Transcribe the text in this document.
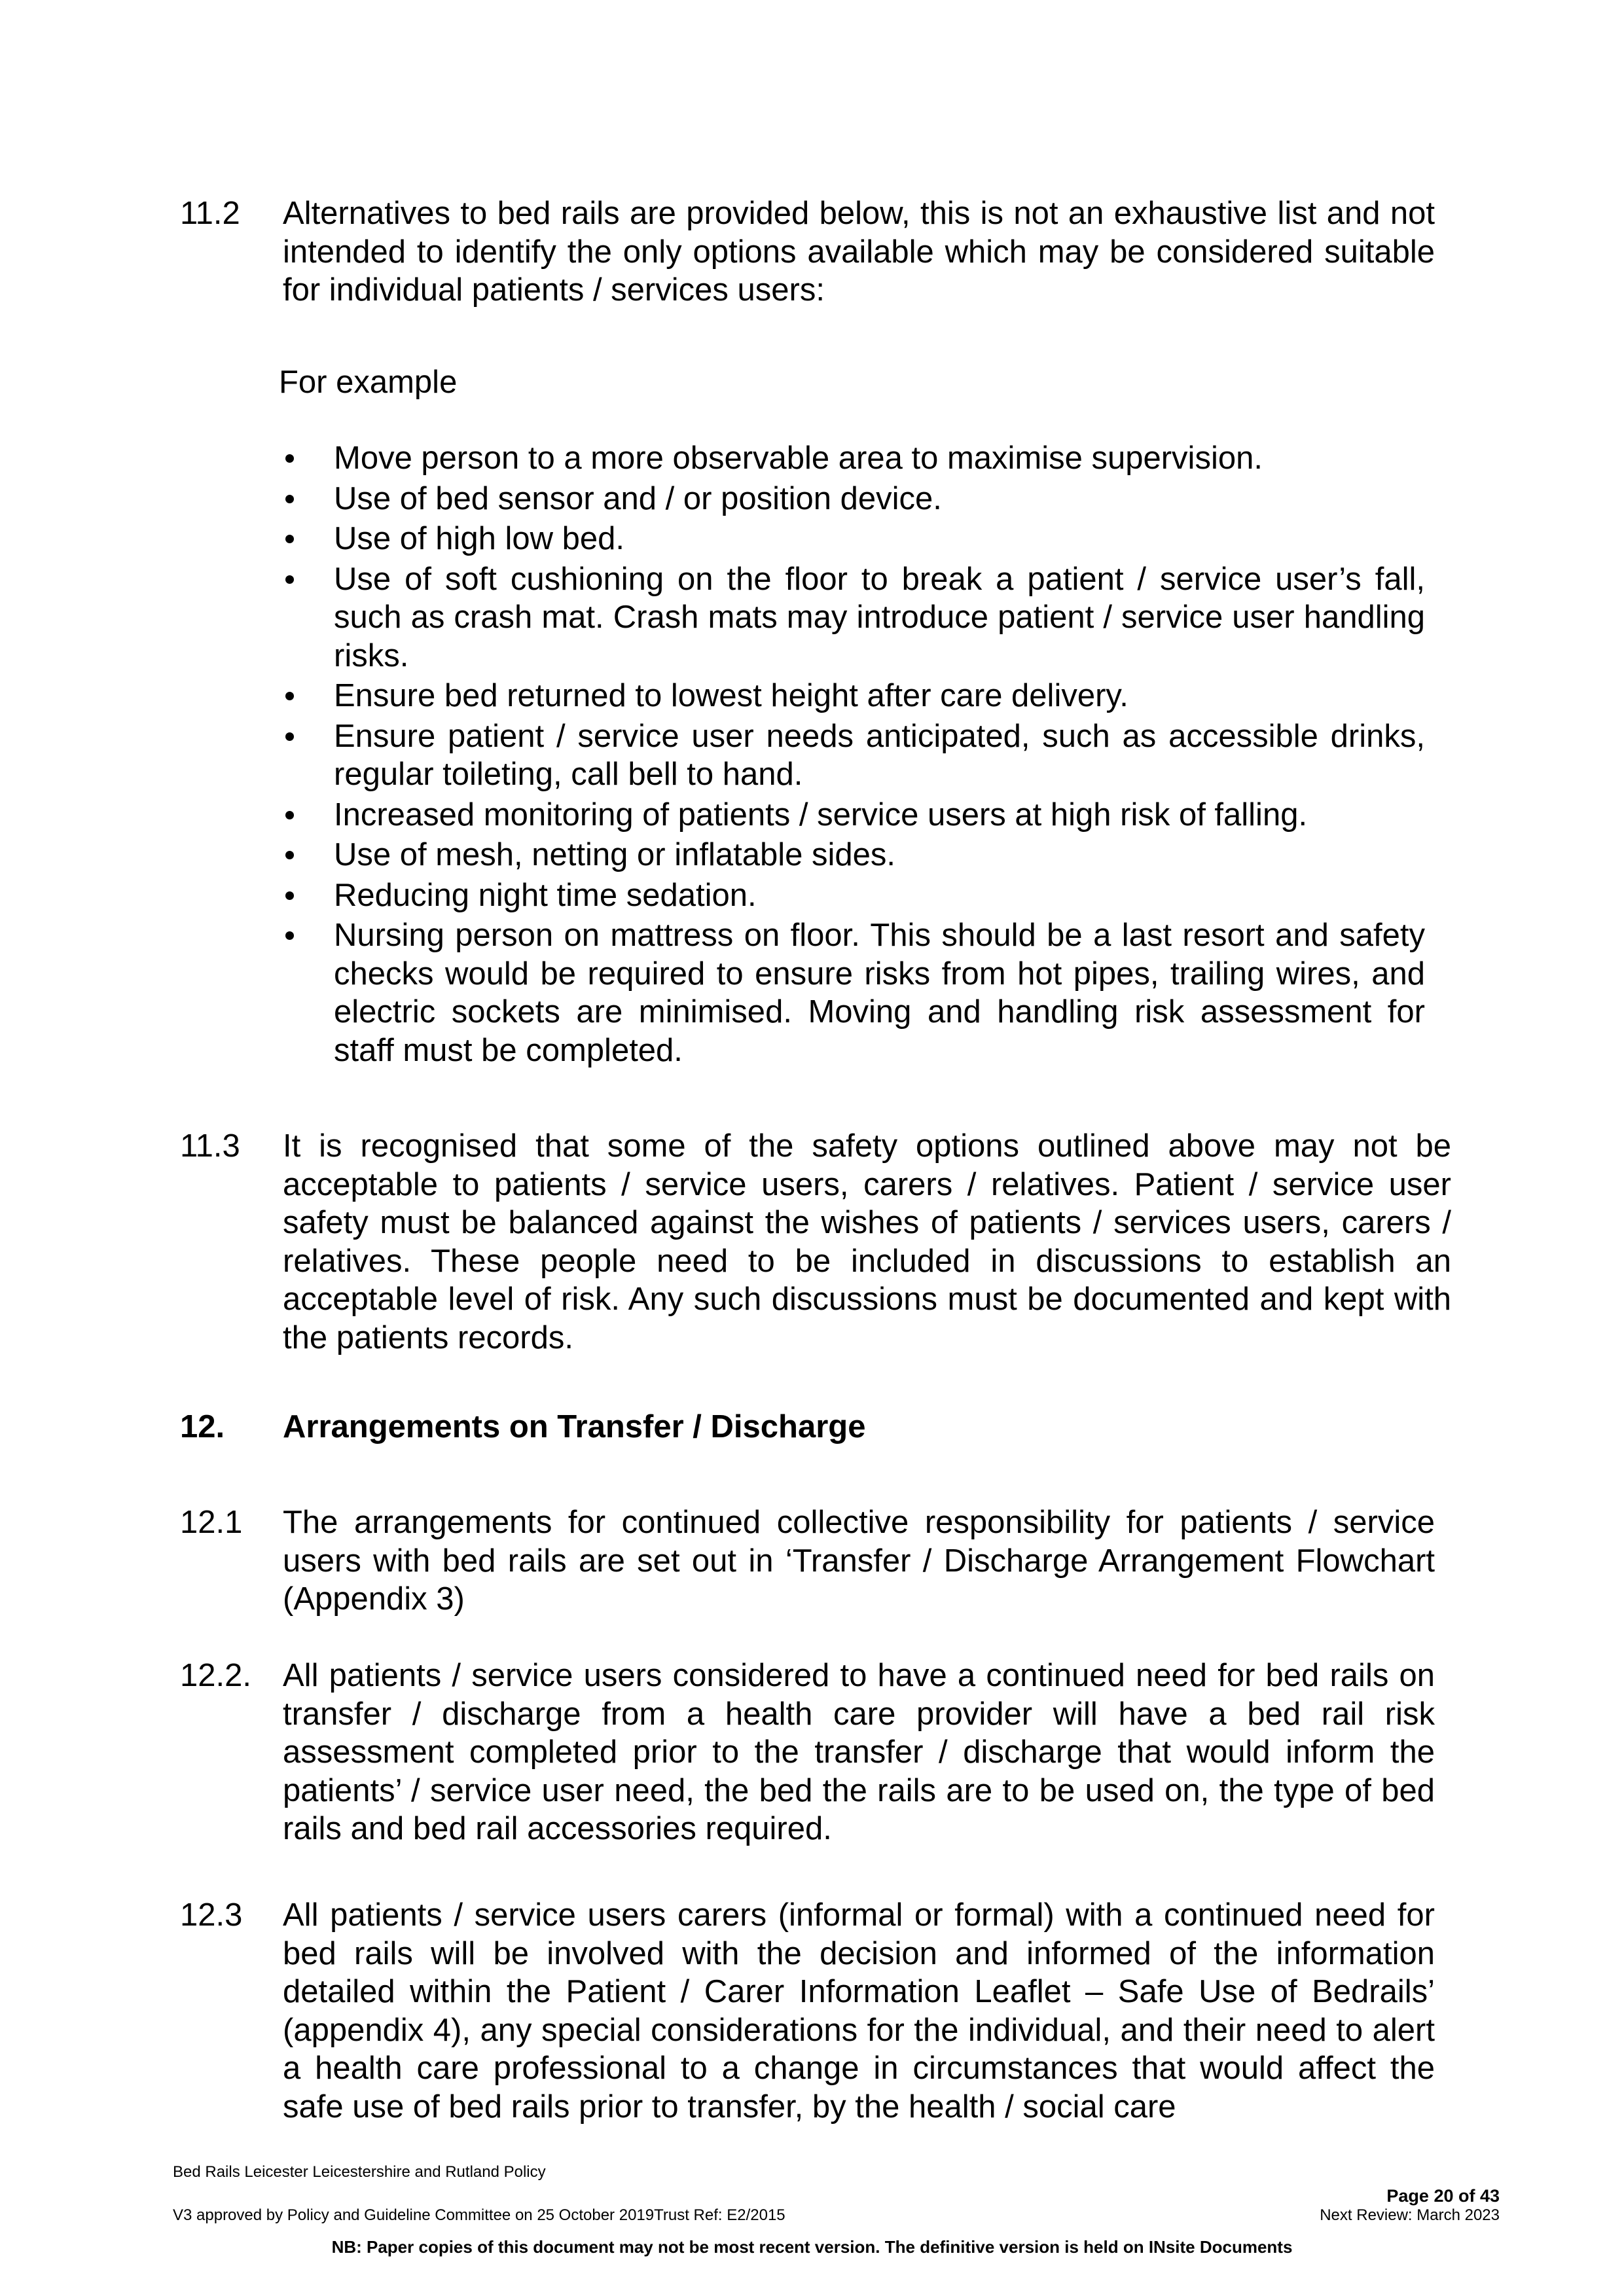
11.2 Alternatives to bed rails are provided below, this is not an exhaustive list and not intended to identify the only options available which may be considered suitable for individual patients / services users:
For example
Move person to a more observable area to maximise supervision.
Use of bed sensor and / or position device.
Use of high low bed.
Use of soft cushioning on the floor to break a patient / service user’s fall, such as crash mat. Crash mats may introduce patient / service user handling risks.
Ensure bed returned to lowest height after care delivery.
Ensure patient / service user needs anticipated, such as accessible drinks, regular toileting, call bell to hand.
Increased monitoring of patients / service users at high risk of falling.
Use of mesh, netting or inflatable sides.
Reducing night time sedation.
Nursing person on mattress on floor. This should be a last resort and safety checks would be required to ensure risks from hot pipes, trailing wires, and electric sockets are minimised. Moving and handling risk assessment for staff must be completed.
11.3 It is recognised that some of the safety options outlined above may not be acceptable to patients / service users, carers / relatives. Patient / service user safety must be balanced against the wishes of patients / services users, carers / relatives. These people need to be included in discussions to establish an acceptable level of risk. Any such discussions must be documented and kept with the patients records.
12. Arrangements on Transfer / Discharge
12.1 The arrangements for continued collective responsibility for patients / service users with bed rails are set out in ‘Transfer / Discharge Arrangement Flowchart (Appendix 3)
12.2. All patients / service users considered to have a continued need for bed rails on transfer / discharge from a health care provider will have a bed rail risk assessment completed prior to the transfer / discharge that would inform the patients’ / service user need, the bed the rails are to be used on, the type of bed rails and bed rail accessories required.
12.3 All patients / service users carers (informal or formal) with a continued need for bed rails will be involved with the decision and informed of the information detailed within the Patient / Carer Information Leaflet – Safe Use of Bedrails’ (appendix 4), any special considerations for the individual, and their need to alert a health care professional to a change in circumstances that would affect the safe use of bed rails prior to transfer, by the health / social care
Bed Rails Leicester Leicestershire and Rutland Policy
Page 20 of 43
V3 approved by Policy and Guideline Committee on 25 October 2019Trust Ref: E2/2015	Next Review: March 2023
NB: Paper copies of this document may not be most recent version. The definitive version is held on INsite Documents
